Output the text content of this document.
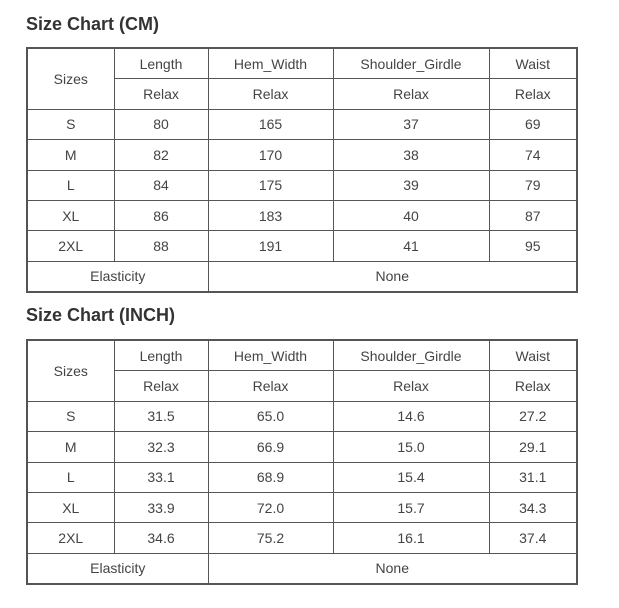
Size Chart (CM)
Sizes	Length	Hem_Width	Shoulder_Girdle	Waist
	Relax	Relax	Relax	Relax
S	80	165	37	69
M	82	170	38	74
L	84	175	39	79
XL	86	183	40	87
2XL	88	191	41	95
Elasticity		None		
Size Chart (INCH)
Sizes	Length	Hem_Width	Shoulder_Girdle	Waist
	Relax	Relax	Relax	Relax
S	31.5	65.0	14.6	27.2
M	32.3	66.9	15.0	29.1
L	33.1	68.9	15.4	31.1
XL	33.9	72.0	15.7	34.3
2XL	34.6	75.2	16.1	37.4
Elasticity		None		
